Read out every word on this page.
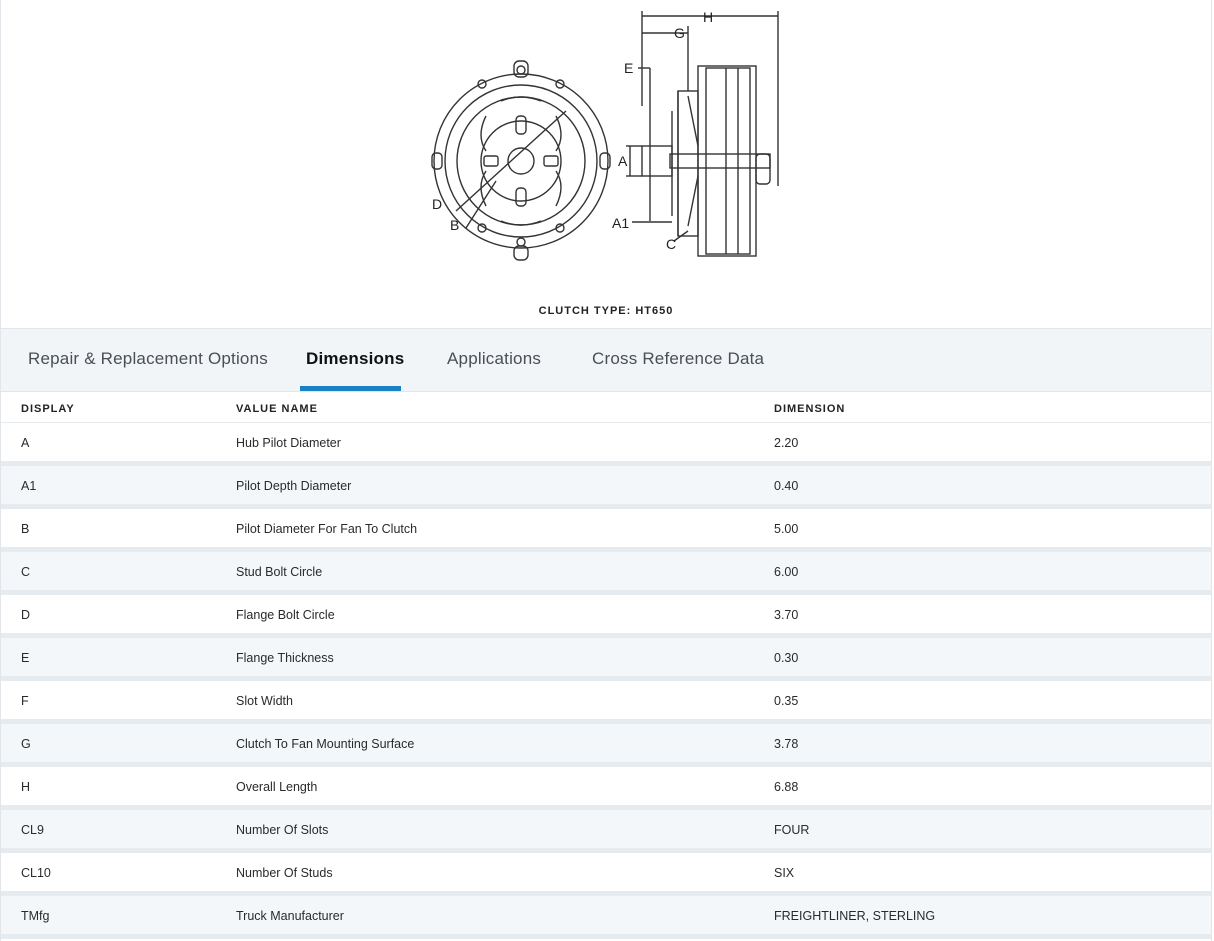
H
G
E
A
A1
C
D
B
CLUTCH TYPE: HT650
Repair & Replacement Options Dimensions	Applications	Cross Reference Data
DISPLAY	VALUE NAME	DIMENSION
A	Hub Pilot Diameter	2.20
A1	Pilot Depth Diameter	0.40
B	Pilot Diameter For Fan To Clutch	5.00
C	Stud Bolt Circle	6.00
D	Flange Bolt Circle	3.70
E	Flange Thickness	0.30
F	Slot Width	0.35
G	Clutch To Fan Mounting Surface	3.78
H	Overall Length	6.88
CL9	Number Of Slots	FOUR
CL10	Number Of Studs	SIX
TMfg	Truck Manufacturer	FREIGHTLINER, STERLING
